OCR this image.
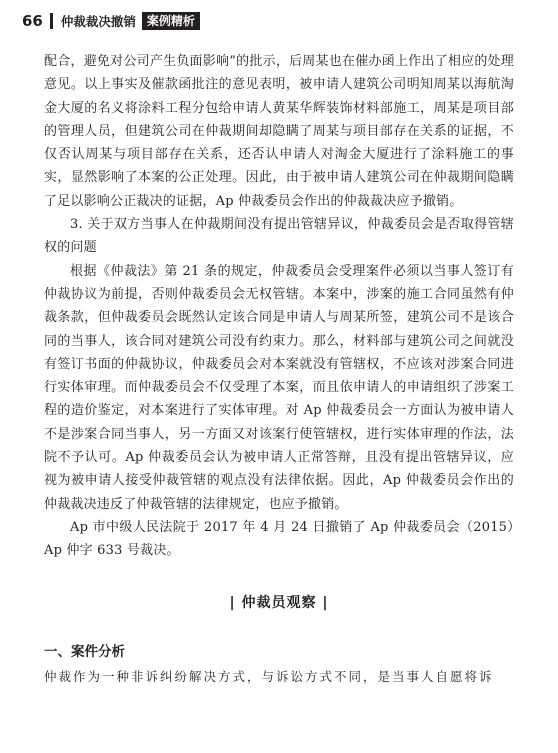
66 仲裁裁决撤销 案例精析

配合，避免对公司产生负面影响”的批示，后周某也在催办函上作出了相应的处理意见。以上事实及催款函批注的意见表明，被申请人建筑公司明知周某以海航淘金大厦的名义将涂料工程分包给申请人黄某华辉装饰材料部施工，周某是项目部的管理人员，但建筑公司在仲裁期间却隐瞒了周某与项目部存在关系的证据，不仅否认周某与项目部存在关系，还否认申请人对淘金大厦进行了涂料施工的事实，显然影响了本案的公正处理。因此，由于被申请人建筑公司在仲裁期间隐瞒了足以影响公正裁决的证据，Ap 仲裁委员会作出的仲裁裁决应予撤销。

3. 关于双方当事人在仲裁期间没有提出管辖异议，仲裁委员会是否取得管辖权的问题

根据《仲裁法》第 21 条的规定，仲裁委员会受理案件必须以当事人签订有仲裁协议为前提，否则仲裁委员会无权管辖。本案中，涉案的施工合同虽然有仲裁条款，但仲裁委员会既然认定该合同是申请人与周某所签，建筑公司不是该合同的当事人，该合同对建筑公司没有约束力。那么，材料部与建筑公司之间就没有签订书面的仲裁协议，仲裁委员会对本案就没有管辖权，不应该对涉案合同进行实体审理。而仲裁委员会不仅受理了本案，而且依申请人的申请组织了涉案工程的造价鉴定，对本案进行了实体审理。对 Ap 仲裁委员会一方面认为被申请人不是涉案合同当事人，另一方面又对该案行使管辖权，进行实体审理的作法，法院不予认可。Ap 仲裁委员会认为被申请人正常答辩，且没有提出管辖异议，应视为被申请人接受仲裁管辖的观点没有法律依据。因此，Ap 仲裁委员会作出的仲裁裁决违反了仲裁管辖的法律规定，也应予撤销。

Ap 市中级人民法院于 2017 年 4 月 24 日撤销了 Ap 仲裁委员会（2015）Ap 仲字 633 号裁决。

| 仲裁员观察 |

一、案件分析

仲裁作为一种非诉纠纷解决方式，与诉讼方式不同，是当事人自愿将诉
